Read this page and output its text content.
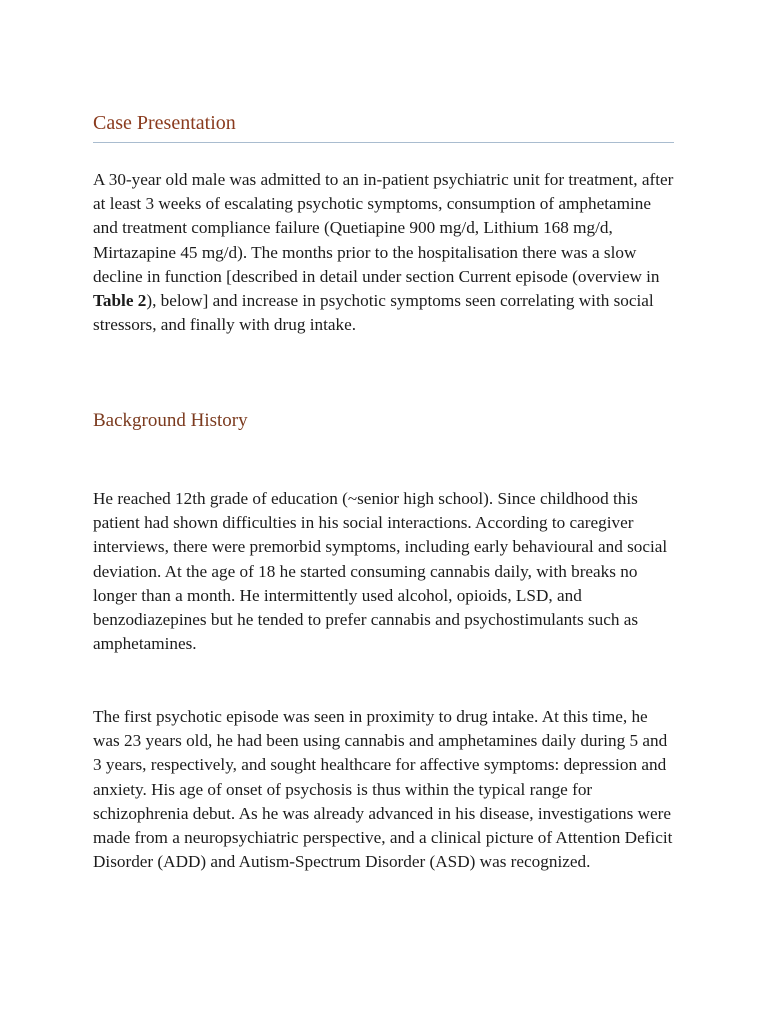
Case Presentation

A 30-year old male was admitted to an in-patient psychiatric unit for treatment, after at least 3 weeks of escalating psychotic symptoms, consumption of amphetamine and treatment compliance failure (Quetiapine 900 mg/d, Lithium 168 mg/d, Mirtazapine 45 mg/d). The months prior to the hospitalisation there was a slow decline in function [described in detail under section Current episode (overview in Table 2), below] and increase in psychotic symptoms seen correlating with social stressors, and finally with drug intake.

Background History

He reached 12th grade of education (~senior high school). Since childhood this patient had shown difficulties in his social interactions. According to caregiver interviews, there were premorbid symptoms, including early behavioural and social deviation. At the age of 18 he started consuming cannabis daily, with breaks no longer than a month. He intermittently used alcohol, opioids, LSD, and benzodiazepines but he tended to prefer cannabis and psychostimulants such as amphetamines.

The first psychotic episode was seen in proximity to drug intake. At this time, he was 23 years old, he had been using cannabis and amphetamines daily during 5 and 3 years, respectively, and sought healthcare for affective symptoms: depression and anxiety. His age of onset of psychosis is thus within the typical range for schizophrenia debut. As he was already advanced in his disease, investigations were made from a neuropsychiatric perspective, and a clinical picture of Attention Deficit Disorder (ADD) and Autism-Spectrum Disorder (ASD) was recognized.
